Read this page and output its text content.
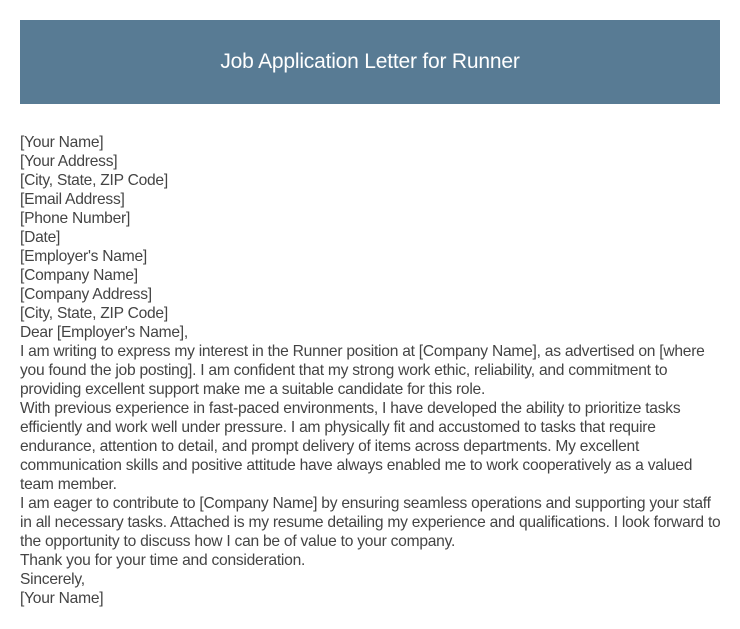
Job Application Letter for Runner

[Your Name]

[Your Address]

[City, State, ZIP Code]

[Email Address]

[Phone Number]

[Date]

[Employer's Name]

[Company Name]

[Company Address]

[City, State, ZIP Code]

Dear [Employer's Name],

I am writing to express my interest in the Runner position at [Company Name], as advertised on [where you found the job posting]. I am confident that my strong work ethic, reliability, and commitment to providing excellent support make me a suitable candidate for this role.

With previous experience in fast-paced environments, I have developed the ability to prioritize tasks efficiently and work well under pressure. I am physically fit and accustomed to tasks that require endurance, attention to detail, and prompt delivery of items across departments. My excellent communication skills and positive attitude have always enabled me to work cooperatively as a valued team member.

I am eager to contribute to [Company Name] by ensuring seamless operations and supporting your staff in all necessary tasks. Attached is my resume detailing my experience and qualifications. I look forward to the opportunity to discuss how I can be of value to your company.

Thank you for your time and consideration.

Sincerely,

[Your Name]
